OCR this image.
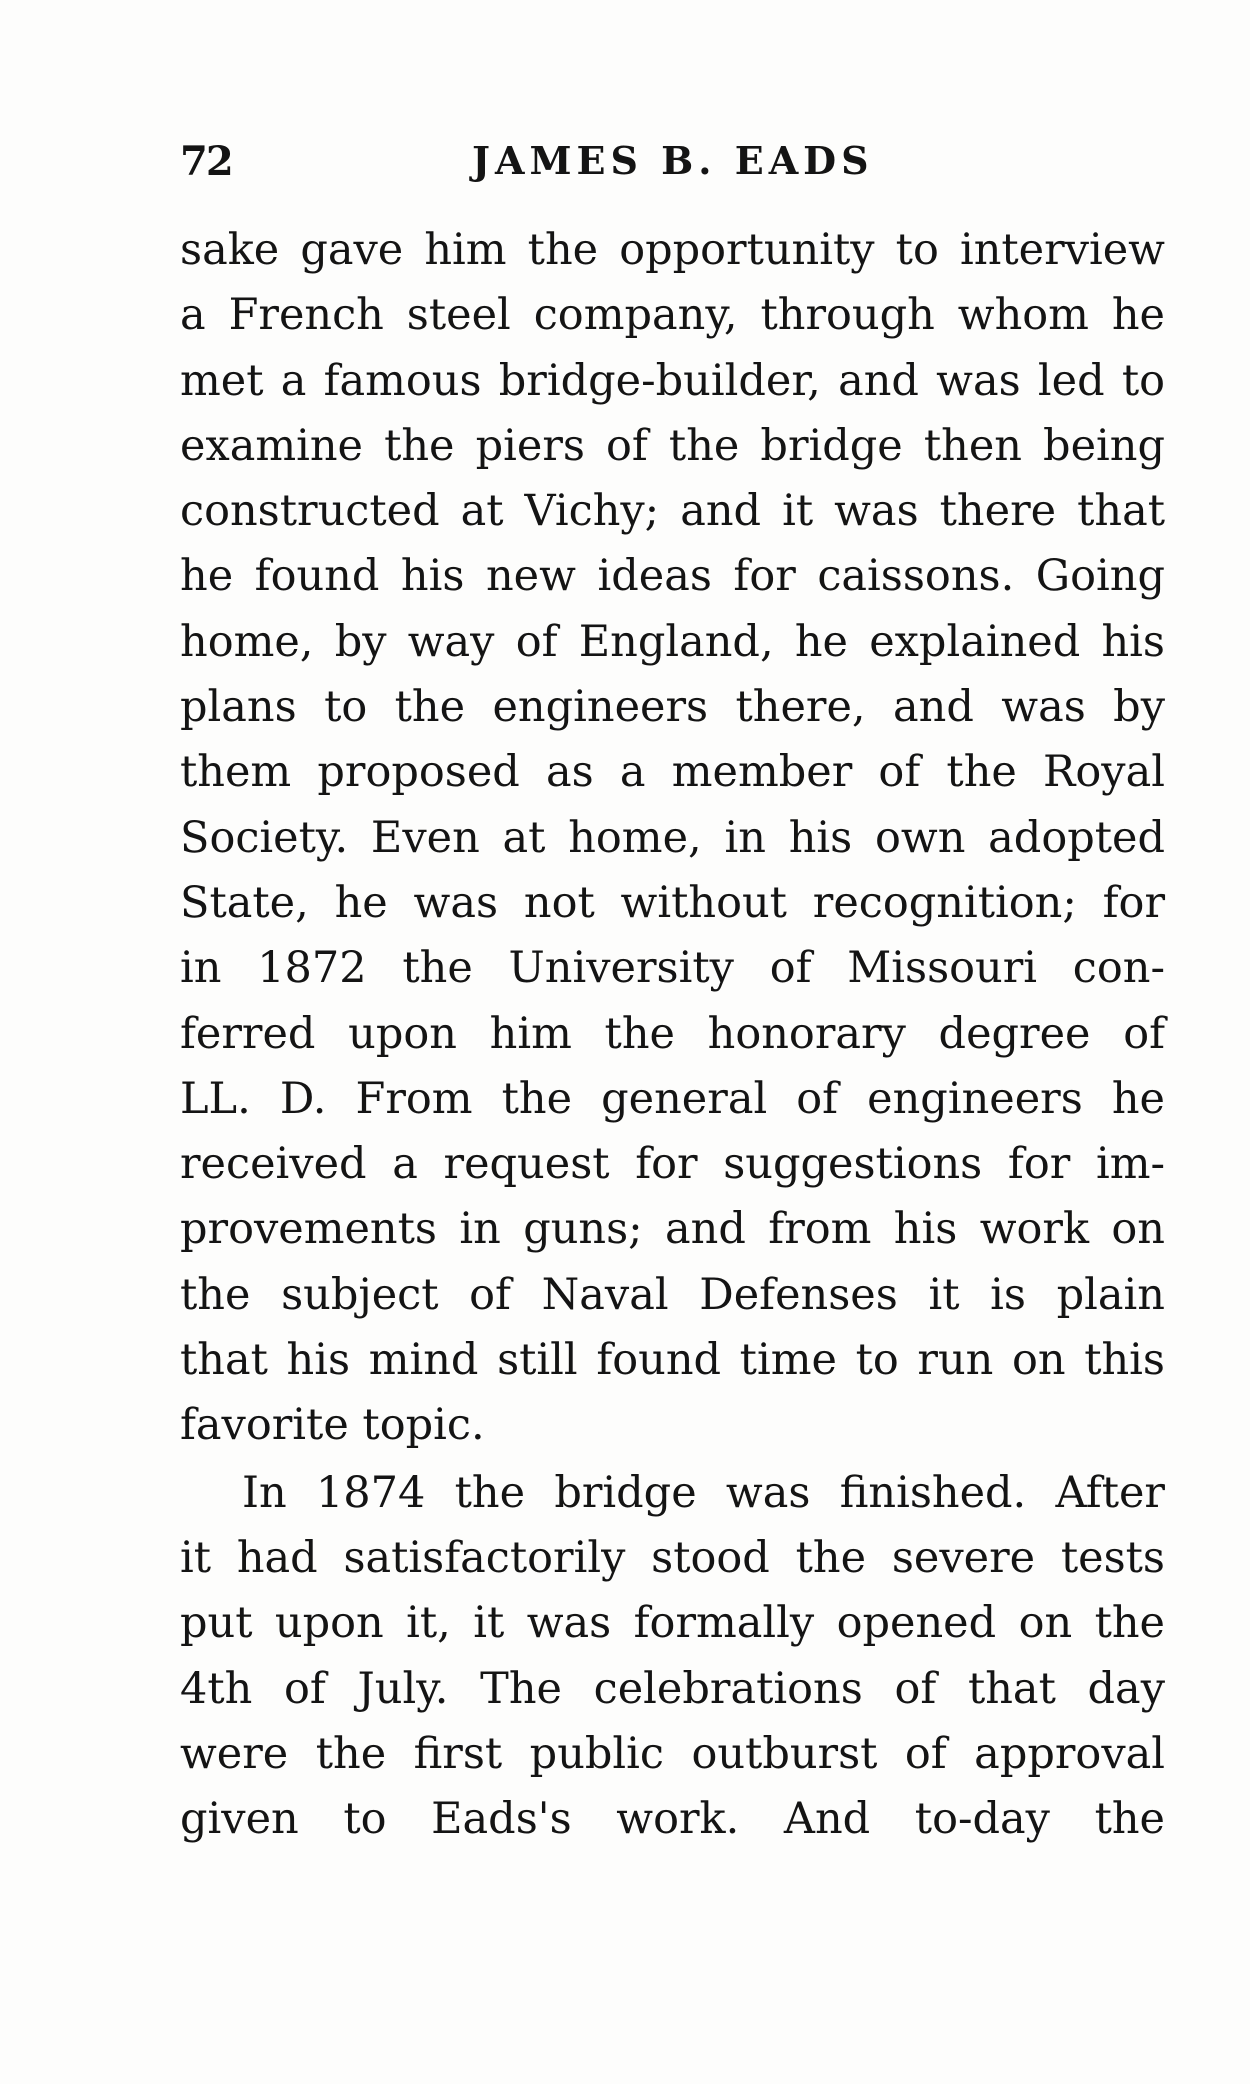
72	JAMES B. EADS
sake gave him the opportunity to interview
a French steel company, through whom he
met a famous bridge-builder, and was led to
examine the piers of the bridge then being
constructed at Vichy; and it was there that
he found his new ideas for caissons. Going
home, by way of England, he explained his
plans to the engineers there, and was by
them proposed as a member of the Royal
Society. Even at home, in his own adopted
State, he was not without recognition; for
in 1872 the University of Missouri con-
ferred upon him the honorary degree of
LL. D. From the general of engineers he
received a request for suggestions for im-
provements in guns; and from his work on
the subject of Naval Defenses it is plain
that his mind still found time to run on this
favorite topic.
In 1874 the bridge was finished. After
it had satisfactorily stood the severe tests
put upon it, it was formally opened on the
4th of July. The celebrations of that day
were the first public outburst of approval
given to Eads's work. And to-day the
